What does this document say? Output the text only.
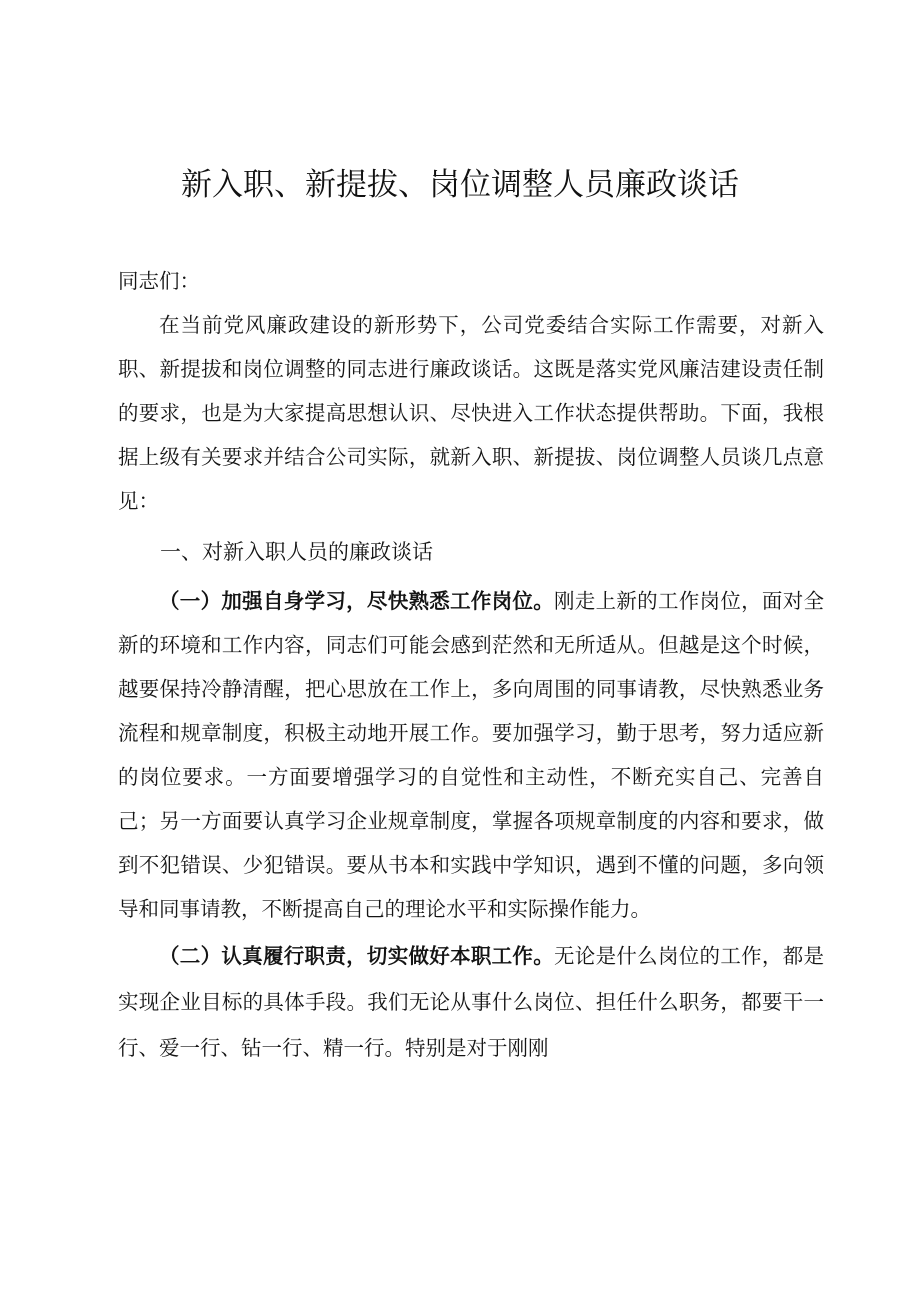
新入职、新提拔、岗位调整人员廉政谈话

同志们：

在当前党风廉政建设的新形势下，公司党委结合实际工作需要，对新入职、新提拔和岗位调整的同志进行廉政谈话。这既是落实党风廉洁建设责任制的要求，也是为大家提高思想认识、尽快进入工作状态提供帮助。下面，我根据上级有关要求并结合公司实际，就新入职、新提拔、岗位调整人员谈几点意见：

一、对新入职人员的廉政谈话

（一）加强自身学习，尽快熟悉工作岗位。刚走上新的工作岗位，面对全新的环境和工作内容，同志们可能会感到茫然和无所适从。但越是这个时候，越要保持冷静清醒，把心思放在工作上，多向周围的同事请教，尽快熟悉业务流程和规章制度，积极主动地开展工作。要加强学习，勤于思考，努力适应新的岗位要求。一方面要增强学习的自觉性和主动性，不断充实自己、完善自己；另一方面要认真学习企业规章制度，掌握各项规章制度的内容和要求，做到不犯错误、少犯错误。要从书本和实践中学知识，遇到不懂的问题，多向领导和同事请教，不断提高自己的理论水平和实际操作能力。

（二）认真履行职责，切实做好本职工作。无论是什么岗位的工作，都是实现企业目标的具体手段。我们无论从事什么岗位、担任什么职务，都要干一行、爱一行、钻一行、精一行。特别是对于刚刚
